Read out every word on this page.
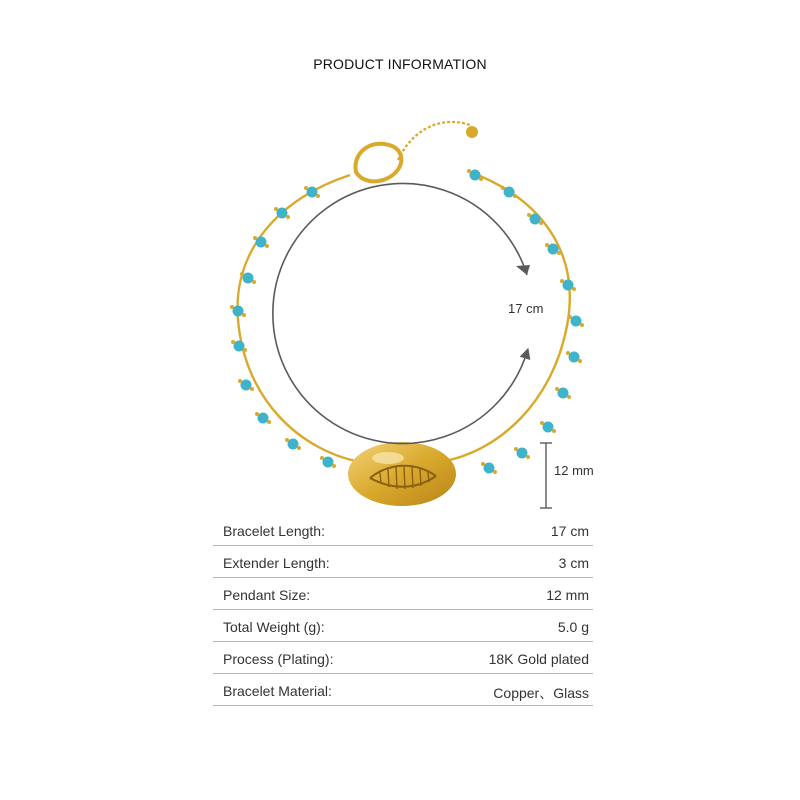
PRODUCT INFORMATION
17 cm
12 mm
Bracelet Length:	17 cm
Extender Length:	3 cm
Pendant Size:	12 mm
Total Weight (g):	5.0 g
Process (Plating):	18K Gold plated
Bracelet Material:	Copper、Glass
